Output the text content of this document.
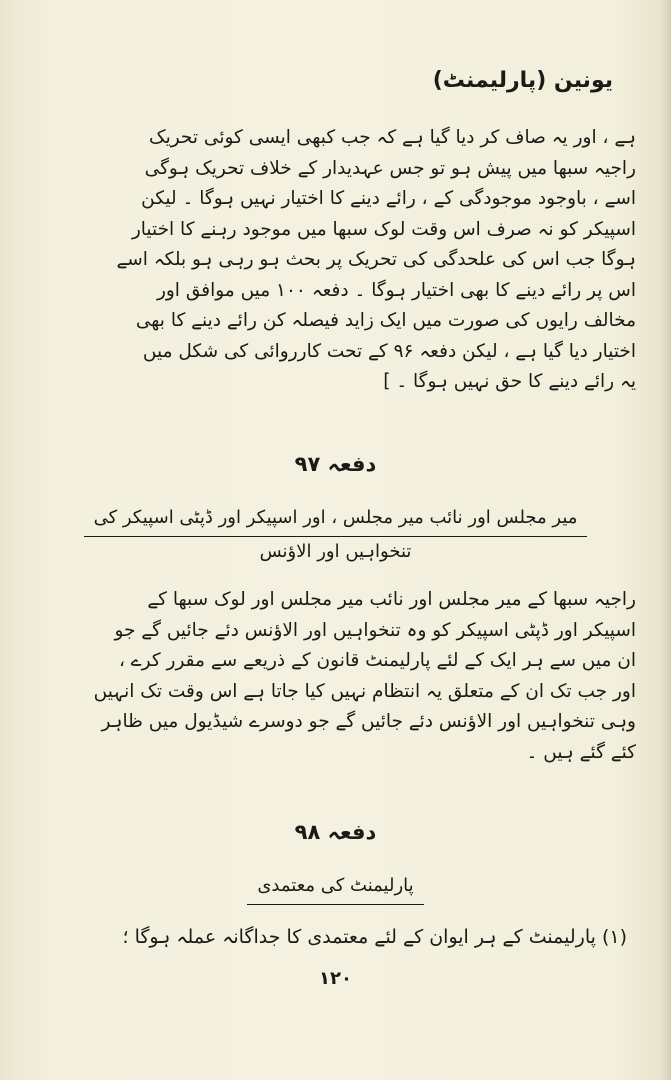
یونین (پارلیمنٹ)
ہے ، اور یہ صاف کر دیا گیا ہے کہ جب کبھی ایسی کوئی تحریک
راجیہ سبھا میں پیش ہو تو جس عہدیدار کے خلاف تحریک ہوگی
اسے ، باوجود موجودگی کے ، رائے دینے کا اختیار نہیں ہوگا ۔ لیکن
اسپیکر کو نہ صرف اس وقت لوک سبھا میں موجود رہنے کا اختیار
ہوگا جب اس کی علحدگی کی تحریک پر بحث ہو رہی ہو بلکہ اسے
اس پر رائے دینے کا بھی اختیار ہوگا ۔ دفعہ ۱۰۰ میں موافق اور
مخالف رایوں کی صورت میں ایک زاید فیصلہ کن رائے دینے کا بھی
اختیار دیا گیا ہے ، لیکن دفعہ ۹۶ کے تحت کارروائی کی شکل میں
یہ رائے دینے کا حق نہیں ہوگا ۔ ]
دفعہ ۹۷
میر مجلس اور نائب میر مجلس ، اور اسپیکر اور ڈپٹی اسپیکر کی
تنخواہیں اور الاؤنس
راجیہ سبھا کے میر مجلس اور نائب میر مجلس اور لوک سبھا کے
اسپیکر اور ڈپٹی اسپیکر کو وہ تنخواہیں اور الاؤنس دئے جائیں گے جو
ان میں سے ہر ایک کے لئے پارلیمنٹ قانون کے ذریعے سے مقرر کرے ،
اور جب تک ان کے متعلق یہ انتظام نہیں کیا جاتا ہے اس وقت تک انہیں
وہی تنخواہیں اور الاؤنس دئے جائیں گے جو دوسرے شیڈیول میں ظاہر
کئے گئے ہیں ۔
دفعہ ۹۸
پارلیمنٹ کی معتمدی
(۱) پارلیمنٹ کے ہر ایوان کے لئے معتمدی کا جداگانہ عملہ ہوگا ؛
۱۲۰
